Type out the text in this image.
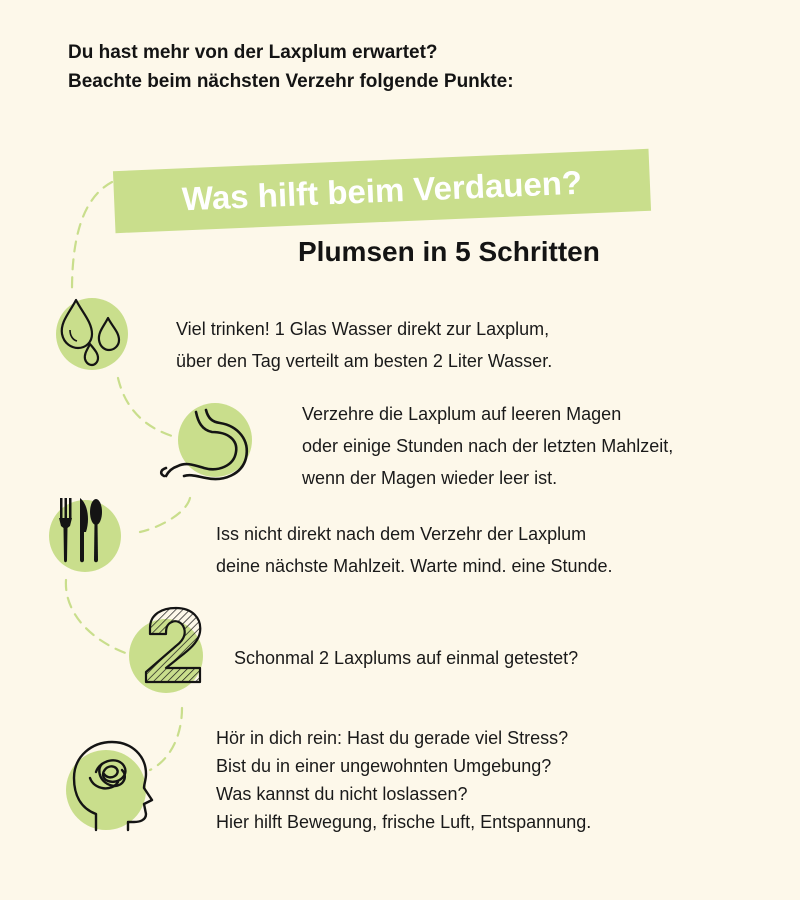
Du hast mehr von der Laxplum erwartet?
Beachte beim nächsten Verzehr folgende Punkte:
Was hilft beim Verdauen?
Plumsen in 5 Schritten
Viel trinken! 1 Glas Wasser direkt zur Laxplum,
über den Tag verteilt am besten 2 Liter Wasser.
Verzehre die Laxplum auf leeren Magen
oder einige Stunden nach der letzten Mahlzeit,
wenn der Magen wieder leer ist.
Iss nicht direkt nach dem Verzehr der Laxplum
deine nächste Mahlzeit. Warte mind. eine Stunde.
Schonmal 2 Laxplums auf einmal getestet?
Hör in dich rein: Hast du gerade viel Stress?
Bist du in einer ungewohnten Umgebung?
Was kannst du nicht loslassen?
Hier hilft Bewegung, frische Luft, Entspannung.
